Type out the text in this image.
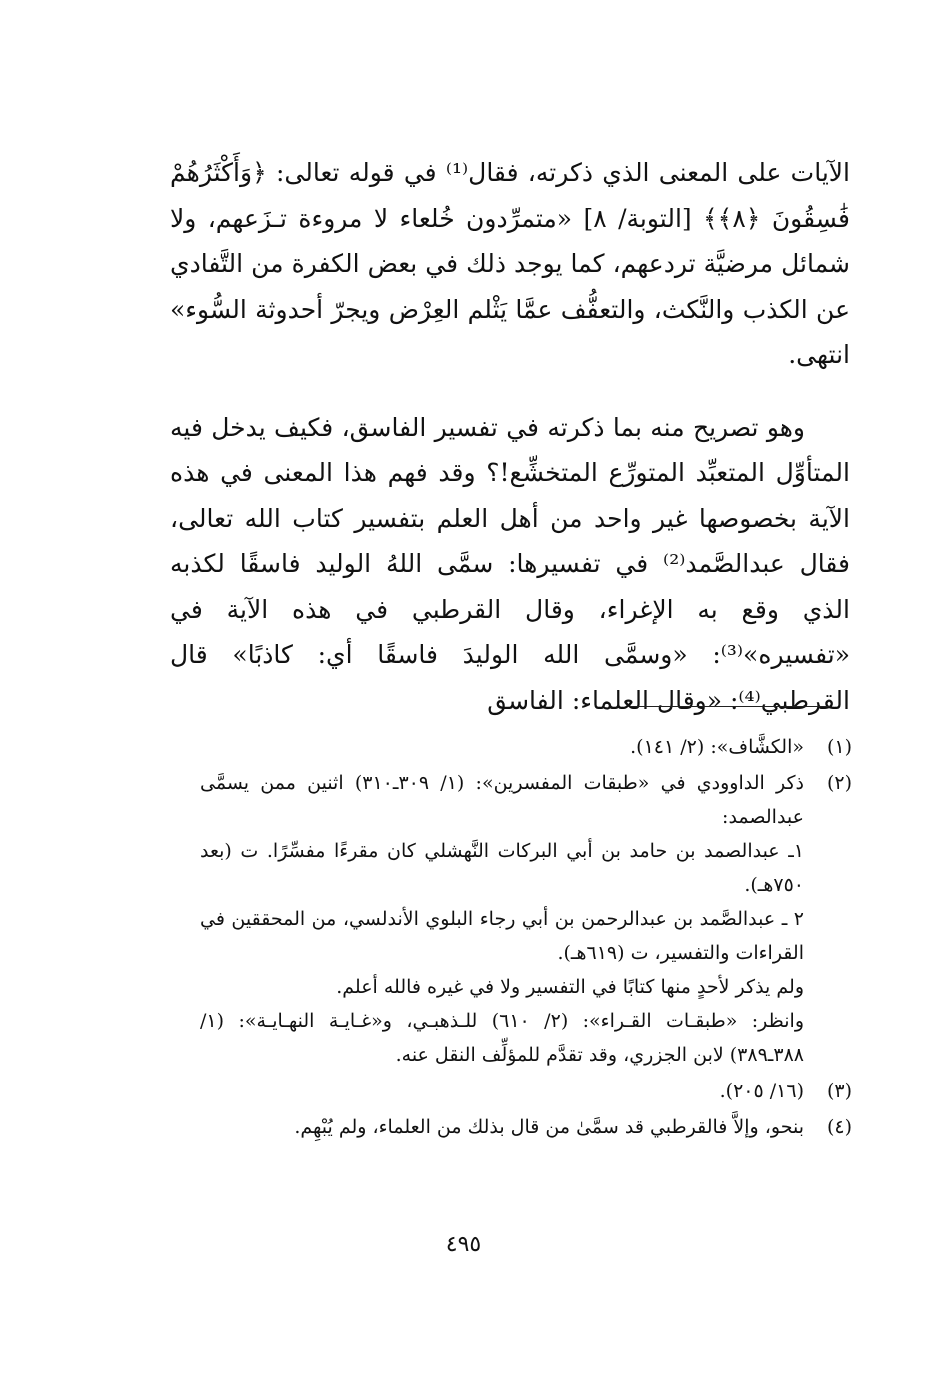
الآيات على المعنى الذي ذكرته، فقال⁽¹⁾ في قوله تعالى: ﴿وَأَكْثَرُهُمْ فَٰسِقُونَ ﴿٨﴾﴾ [التوبة/ ٨] «متمرِّدون خُلعاء لا مروءة تـزَعهم، ولا شمائل مرضيَّة تردعهم، كما يوجد ذلك في بعض الكفرة من التَّفادي عن الكذب والنَّكث، والتعفُّف عمَّا يَثْلم العِرْض ويجرّ أحدوثة السُّوء» انتهى.

وهو تصريح منه بما ذكرته في تفسير الفاسق، فكيف يدخل فيه المتأوِّل المتعبِّد المتورِّع المتخشِّع!؟ وقد فهم هذا المعنى في هذه الآية بخصوصها غير واحد من أهل العلم بتفسير كتاب الله تعالى، فقال عبدالصَّمد⁽²⁾ في تفسيرها: سمَّى اللهُ الوليد فاسقًا لكذبه الذي وقع به الإغراء، وقال القرطبي في هذه الآية في «تفسيره»⁽³⁾: «وسمَّى الله الوليدَ فاسقًا أي: كاذبًا» قال القرطبي⁽⁴⁾: «وقال العلماء: الفاسق

(١)
«الكشَّاف»: (٢/ ١٤١).
(٢)
ذكر الداوودي في «طبقات المفسرين»: (١/ ٣٠٩ـ٣١٠) اثنين ممن يسمَّى عبدالصمد:
١ـ عبدالصمد بن حامد بن أبي البركات النَّهشلي كان مقرءًا مفسِّرًا. ت (بعد ٧٥٠هـ).
٢ ـ عبدالصَّمد بن عبدالرحمن بن أبي رجاء البلوي الأندلسي، من المحققين في القراءات والتفسير، ت (٦١٩هـ).
ولم يذكر لأحدٍ منها كتابًا في التفسير ولا في غيره فالله أعلم.
وانظر: «طبقـات القـراء»: (٢/ ٦١٠) للـذهبـي، و«غـايـة النهـايـة»: (١/ ٣٨٨ـ٣٨٩) لابن الجزري، وقد تقدَّم للمؤلِّف النقل عنه.
(٣)
(١٦/ ٢٠٥).
(٤)
بنحو، وإلاَّ فالقرطبي قد سمَّىٰ من قال بذلك من العلماء، ولم يُبْهِم.
٤٩٥
